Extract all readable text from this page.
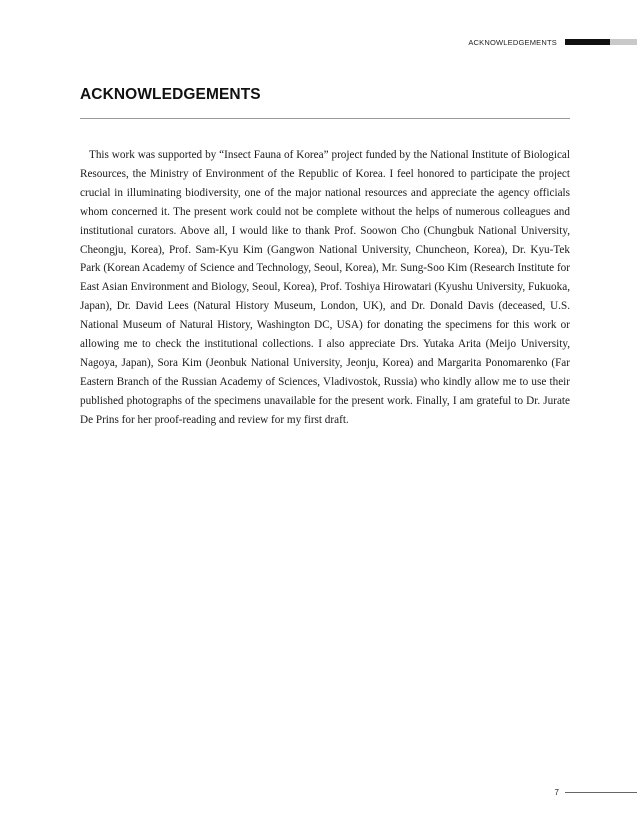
ACKNOWLEDGEMENTS
ACKNOWLEDGEMENTS

This work was supported by “Insect Fauna of Korea” project funded by the National Institute of Biological Resources, the Ministry of Environment of the Republic of Korea. I feel honored to participate the project crucial in illuminating biodiversity, one of the major national resources and appreciate the agency officials whom concerned it. The present work could not be complete without the helps of numerous colleagues and institutional curators. Above all, I would like to thank Prof. Soowon Cho (Chungbuk National University, Cheongju, Korea), Prof. Sam-Kyu Kim (Gangwon National University, Chuncheon, Korea), Dr. Kyu-Tek Park (Korean Academy of Science and Technology, Seoul, Korea), Mr. Sung-Soo Kim (Research Institute for East Asian Environment and Biology, Seoul, Korea), Prof. Toshiya Hirowatari (Kyushu University, Fukuoka, Japan), Dr. David Lees (Natural History Museum, London, UK), and Dr. Donald Davis (deceased, U.S. National Museum of Natural History, Washington DC, USA) for donating the specimens for this work or allowing me to check the institutional collections. I also appreciate Drs. Yutaka Arita (Meijo University, Nagoya, Japan), Sora Kim (Jeonbuk National University, Jeonju, Korea) and Margarita Ponomarenko (Far Eastern Branch of the Russian Academy of Sciences, Vladivostok, Russia) who kindly allow me to use their published photographs of the specimens unavailable for the present work. Finally, I am grateful to Dr. Jurate De Prins for her proof-reading and review for my first draft.

7
